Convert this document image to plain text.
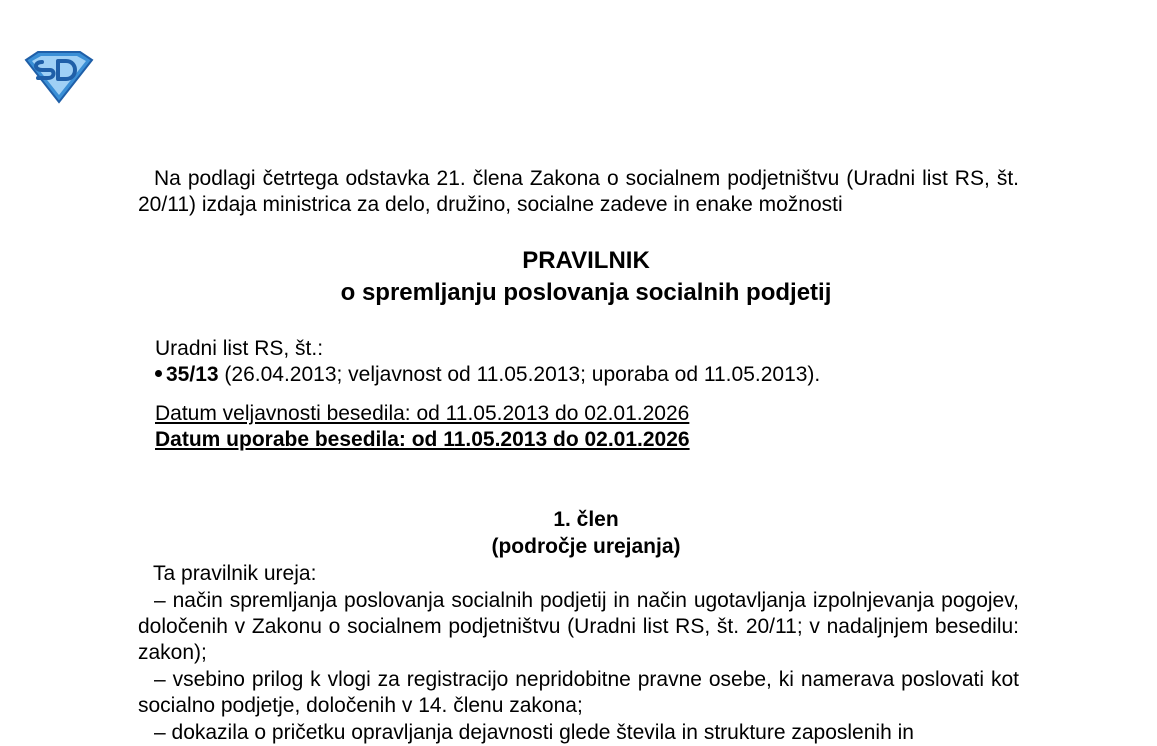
Na podlagi četrtega odstavka 21. člena Zakona o socialnem podjetništvu (Uradni list RS, št. 20/11) izdaja ministrica za delo, družino, socialne zadeve in enake možnosti
PRAVILNIK
o spremljanju poslovanja socialnih podjetij
Uradni list RS, št.:
35/13 (26.04.2013; veljavnost od 11.05.2013; uporaba od 11.05.2013).
Datum veljavnosti besedila: od 11.05.2013 do 02.01.2026
Datum uporabe besedila: od 11.05.2013 do 02.01.2026
1. člen
(področje urejanja)
Ta pravilnik ureja:
– način spremljanja poslovanja socialnih podjetij in način ugotavljanja izpolnjevanja pogojev, določenih v Zakonu o socialnem podjetništvu (Uradni list RS, št. 20/11; v nadaljnjem besedilu: zakon);
– vsebino prilog k vlogi za registracijo nepridobitne pravne osebe, ki namerava poslovati kot socialno podjetje, določenih v 14. členu zakona;
– dokazila o pričetku opravljanja dejavnosti glede števila in strukture zaposlenih in
